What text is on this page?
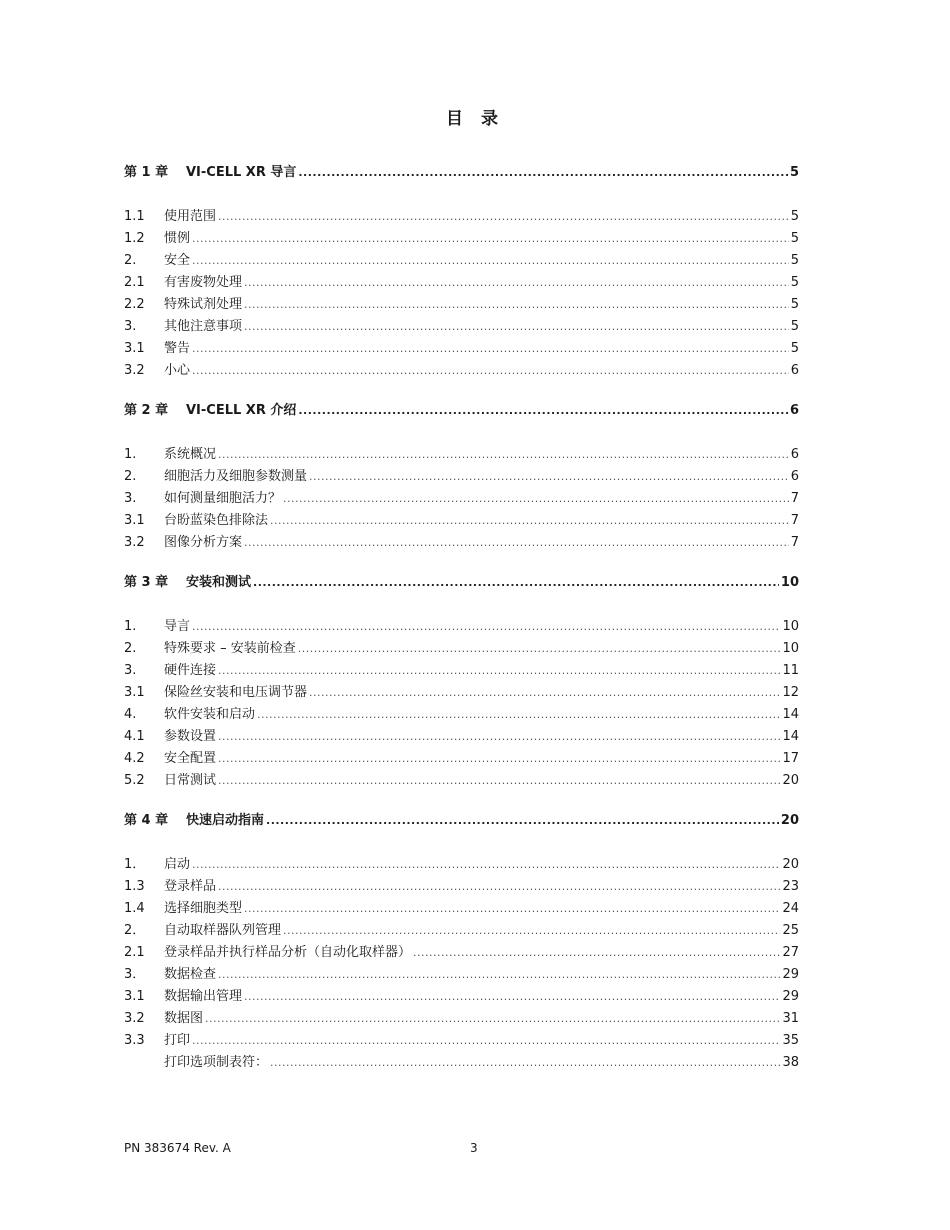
目 录
第 1 章	VI-CELL XR 导言 .....	5
1.1	使用范围 .....	5
1.2	惯例 .....	5
2.	安全 .....	5
2.1	有害废物处理 .....	5
2.2	特殊试剂处理 .....	5
3.	其他注意事项 .....	5
3.1	警告 .....	5
3.2	小心 .....	6
第 2 章	VI-CELL XR 介绍 .....	6
1.	系统概况 .....	6
2.	细胞活力及细胞参数测量 .....	6
3.	如何测量细胞活力？ .....	7
3.1	台盼蓝染色排除法 .....	7
3.2	图像分析方案 .....	7
第 3 章	安装和测试 .....	10
1.	导言 .....	10
2.	特殊要求 – 安装前检查 .....	10
3.	硬件连接 .....	11
3.1	保险丝安装和电压调节器 .....	12
4.	软件安装和启动 .....	14
4.1	参数设置 .....	14
4.2	安全配置 .....	17
5.2	日常测试 .....	20
第 4 章	快速启动指南 .....	20
1．	启动 .....	20
1.3	登录样品 .....	23
1.4	选择细胞类型 .....	24
2．	自动取样器队列管理 .....	25
2.1	登录样品并执行样品分析（自动化取样器） .....	27
3．	数据检查 .....	29
3.1	数据输出管理 .....	29
3.2	数据图 .....	31
3.3	打印 .....	35
打印选项制表符： .....	38
PN 383674 Rev. A	3
